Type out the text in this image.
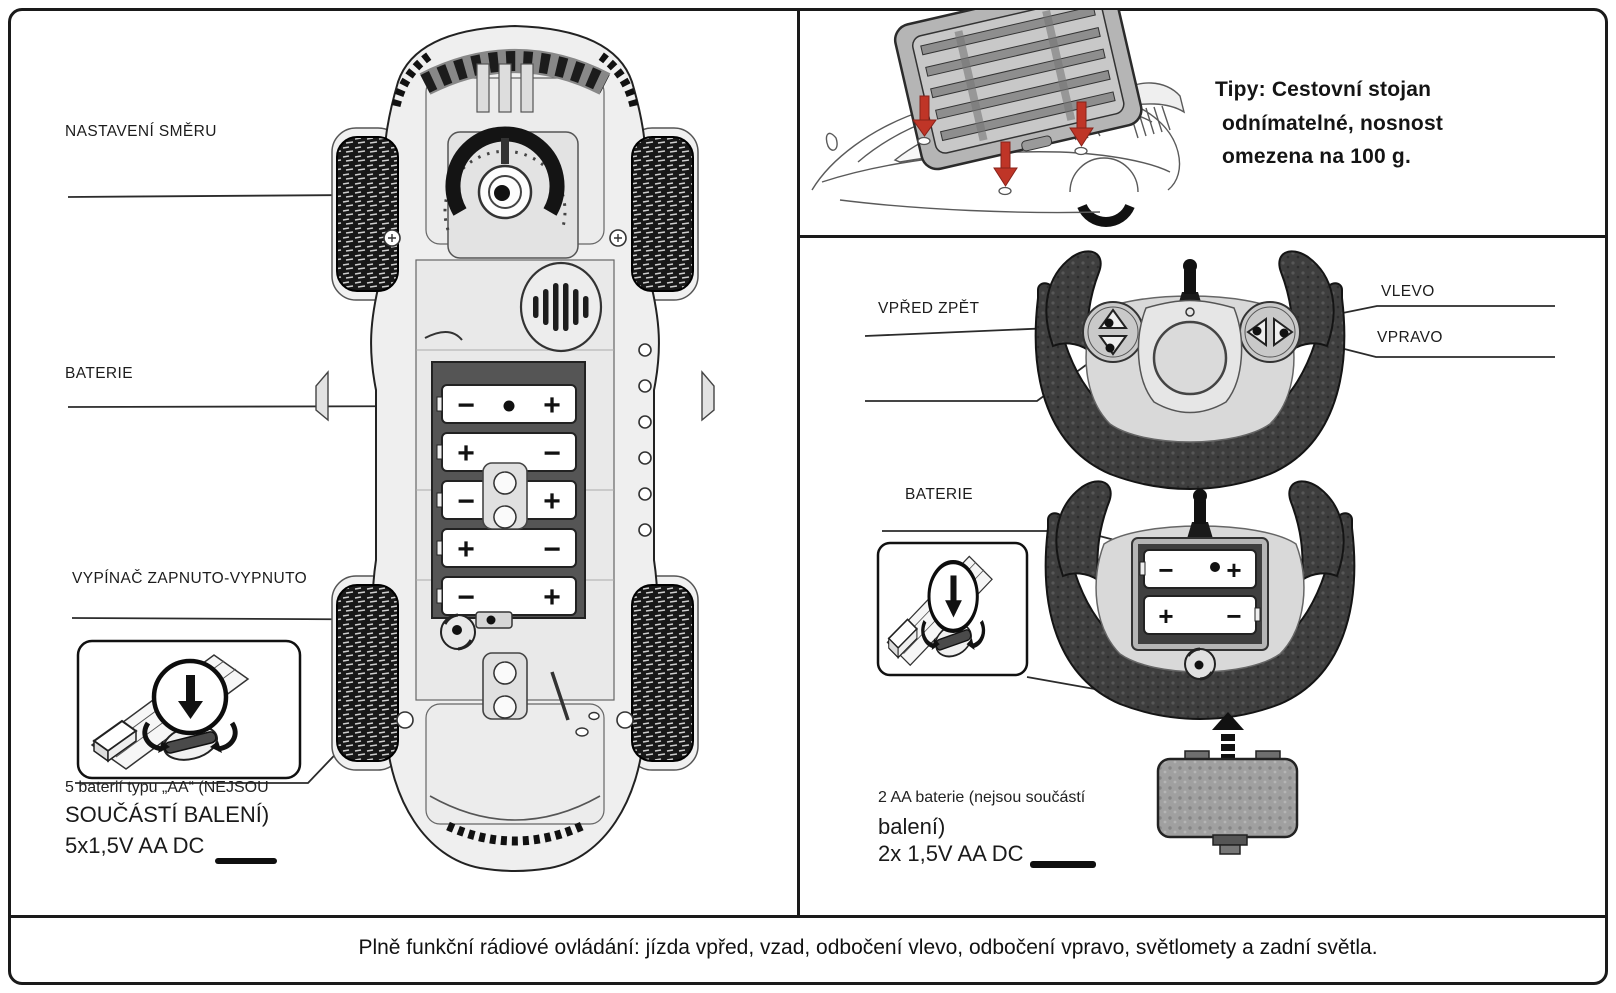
− +
+ −
− +
+ −
− +
NASTAVENÍ SMĚRU
BATERIE
VYPÍNAČ ZAPNUTO-VYPNUTO
5 baterií typu „AA“ (NEJSOU
SOUČÁSTÍ BALENÍ)
5x1,5V AA DC
Tipy: Cestovní stojan
odnímatelné, nosnost
omezena na 100 g.
− +
+ −
VPŘED ZPĚT
VLEVO
VPRAVO
BATERIE
2 AA baterie (nejsou součástí
balení)
2x 1,5V AA DC
Plně funkční rádiové ovládání: jízda vpřed, vzad, odbočení vlevo, odbočení vpravo, světlomety a zadní světla.
